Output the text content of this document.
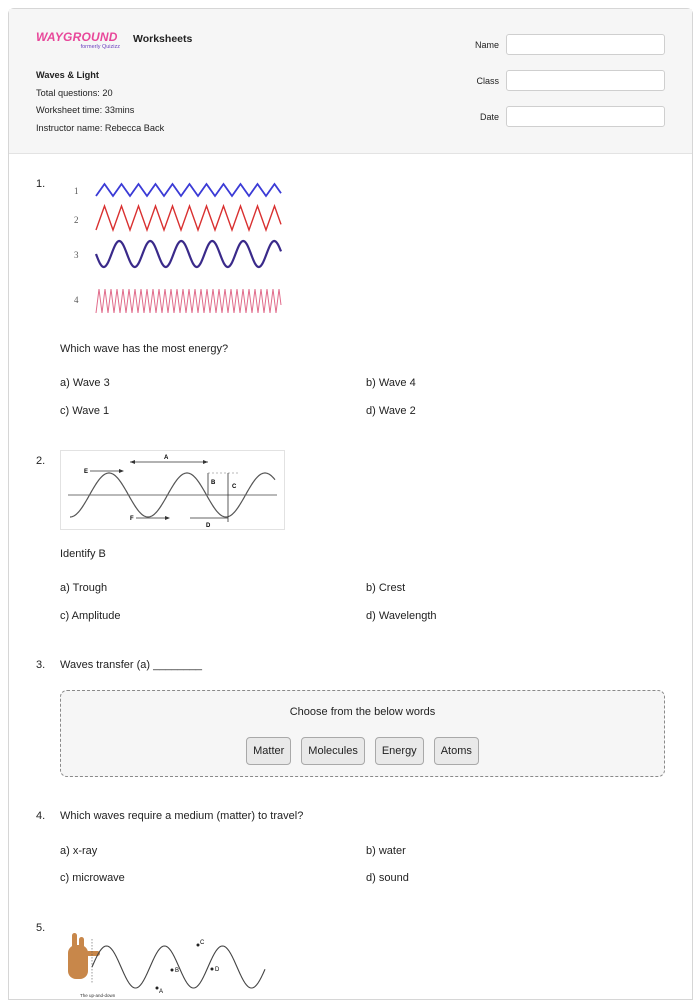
WAYGROUND
formerly Quizizz
Worksheets
Waves & Light
Total questions: 20
Worksheet time: 33mins
Instructor name: Rebecca Back
Name
Class
Date
1.
1
2
3
4
Which wave has the most energy?
a) Wave 3	b) Wave 4
c) Wave 1	d) Wave 2
2.	A
B
C
D
E
F
Identify B
a) Trough	b) Crest
c) Amplitude	d) Wavelength
3. Waves transfer (a) ________
Choose from the below words
Matter	Molecules	Energy	Atoms
4. Which waves require a medium (matter) to travel?
a) x-ray	b) water
c) microwave	d) sound
5.
A
B
C
D
The up-and-down
